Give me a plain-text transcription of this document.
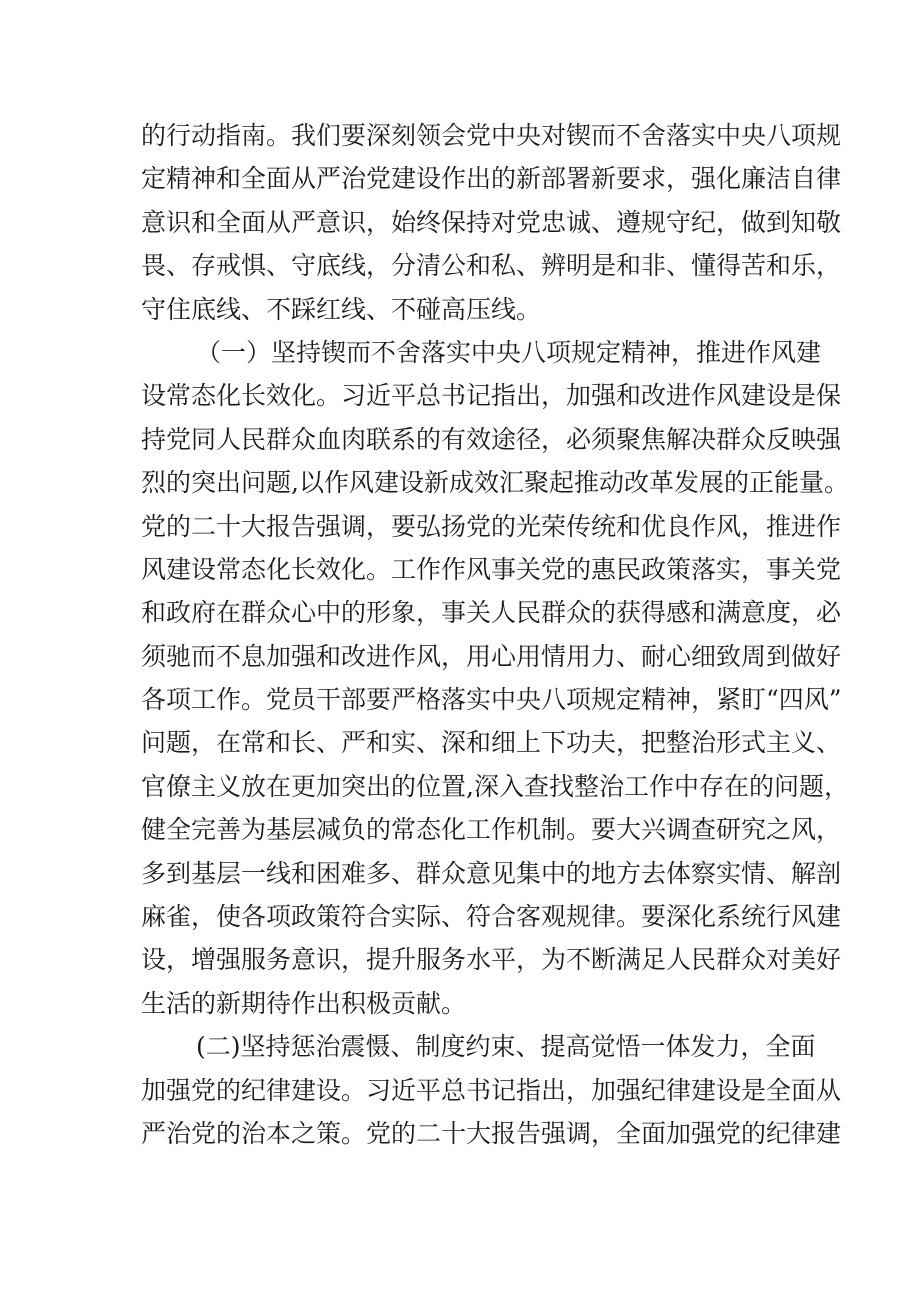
的行动指南。我们要深刻领会党中央对锲而不舍落实中央八项规
定精神和全面从严治党建设作出的新部署新要求，强化廉洁自律
意识和全面从严意识，始终保持对党忠诚、遵规守纪，做到知敬
畏、存戒惧、守底线，分清公和私、辨明是和非、懂得苦和乐，
守住底线、不踩红线、不碰高压线。
（一）坚持锲而不舍落实中央八项规定精神，推进作风建
设常态化长效化。习近平总书记指出，加强和改进作风建设是保
持党同人民群众血肉联系的有效途径，必须聚焦解决群众反映强
烈的突出问题,以作风建设新成效汇聚起推动改革发展的正能量。
党的二十大报告强调，要弘扬党的光荣传统和优良作风，推进作
风建设常态化长效化。工作作风事关党的惠民政策落实，事关党
和政府在群众心中的形象，事关人民群众的获得感和满意度，必
须驰而不息加强和改进作风，用心用情用力、耐心细致周到做好
各项工作。党员干部要严格落实中央八项规定精神，紧盯“四风”
问题，在常和长、严和实、深和细上下功夫，把整治形式主义、
官僚主义放在更加突出的位置,深入查找整治工作中存在的问题，
健全完善为基层减负的常态化工作机制。要大兴调查研究之风，
多到基层一线和困难多、群众意见集中的地方去体察实情、解剖
麻雀，使各项政策符合实际、符合客观规律。要深化系统行风建
设，增强服务意识，提升服务水平，为不断满足人民群众对美好
生活的新期待作出积极贡献。
(二)坚持惩治震慑、制度约束、提高觉悟一体发力，全面
加强党的纪律建设。习近平总书记指出，加强纪律建设是全面从
严治党的治本之策。党的二十大报告强调，全面加强党的纪律建
